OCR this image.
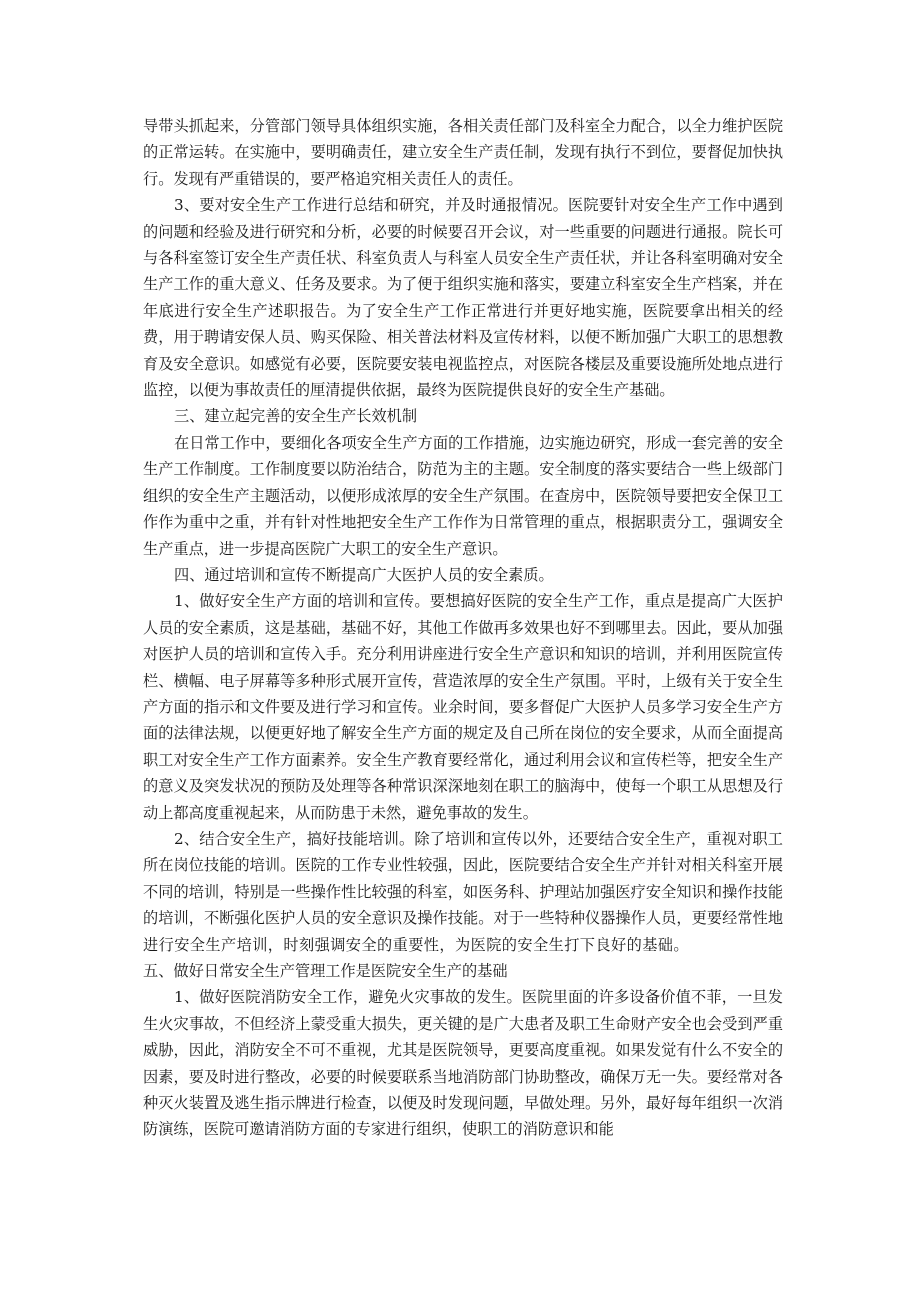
导带头抓起来，分管部门领导具体组织实施，各相关责任部门及科室全力配合，以全力维护医院的正常运转。在实施中，要明确责任，建立安全生产责任制，发现有执行不到位，要督促加快执行。发现有严重错误的，要严格追究相关责任人的责任。

3、要对安全生产工作进行总结和研究，并及时通报情况。医院要针对安全生产工作中遇到的问题和经验及进行研究和分析，必要的时候要召开会议，对一些重要的问题进行通报。院长可与各科室签订安全生产责任状、科室负责人与科室人员安全生产责任状，并让各科室明确对安全生产工作的重大意义、任务及要求。为了便于组织实施和落实，要建立科室安全生产档案，并在年底进行安全生产述职报告。为了安全生产工作正常进行并更好地实施，医院要拿出相关的经费，用于聘请安保人员、购买保险、相关普法材料及宣传材料，以便不断加强广大职工的思想教育及安全意识。如感觉有必要，医院要安装电视监控点，对医院各楼层及重要设施所处地点进行监控，以便为事故责任的厘清提供依据，最终为医院提供良好的安全生产基础。

三、建立起完善的安全生产长效机制

在日常工作中，要细化各项安全生产方面的工作措施，边实施边研究，形成一套完善的安全生产工作制度。工作制度要以防治结合，防范为主的主题。安全制度的落实要结合一些上级部门组织的安全生产主题活动，以便形成浓厚的安全生产氛围。在查房中，医院领导要把安全保卫工作作为重中之重，并有针对性地把安全生产工作作为日常管理的重点，根据职责分工，强调安全生产重点，进一步提高医院广大职工的安全生产意识。

四、通过培训和宣传不断提高广大医护人员的安全素质。

1、做好安全生产方面的培训和宣传。要想搞好医院的安全生产工作，重点是提高广大医护人员的安全素质，这是基础，基础不好，其他工作做再多效果也好不到哪里去。因此，要从加强对医护人员的培训和宣传入手。充分利用讲座进行安全生产意识和知识的培训，并利用医院宣传栏、横幅、电子屏幕等多种形式展开宣传，营造浓厚的安全生产氛围。平时，上级有关于安全生产方面的指示和文件要及进行学习和宣传。业余时间，要多督促广大医护人员多学习安全生产方面的法律法规，以便更好地了解安全生产方面的规定及自己所在岗位的安全要求，从而全面提高职工对安全生产工作方面素养。安全生产教育要经常化，通过利用会议和宣传栏等，把安全生产的意义及突发状况的预防及处理等各种常识深深地刻在职工的脑海中，使每一个职工从思想及行动上都高度重视起来，从而防患于未然，避免事故的发生。

2、结合安全生产，搞好技能培训。除了培训和宣传以外，还要结合安全生产，重视对职工所在岗位技能的培训。医院的工作专业性较强，因此，医院要结合安全生产并针对相关科室开展不同的培训，特别是一些操作性比较强的科室，如医务科、护理站加强医疗安全知识和操作技能的培训，不断强化医护人员的安全意识及操作技能。对于一些特种仪器操作人员，更要经常性地进行安全生产培训，时刻强调安全的重要性，为医院的安全生打下良好的基础。五、做好日常安全生产管理工作是医院安全生产的基础

1、做好医院消防安全工作，避免火灾事故的发生。医院里面的许多设备价值不菲，一旦发生火灾事故，不但经济上蒙受重大损失，更关键的是广大患者及职工生命财产安全也会受到严重威胁，因此，消防安全不可不重视，尤其是医院领导，更要高度重视。如果发觉有什么不安全的因素，要及时进行整改，必要的时候要联系当地消防部门协助整改，确保万无一失。要经常对各种灭火装置及逃生指示牌进行检查，以便及时发现问题，早做处理。另外，最好每年组织一次消防演练，医院可邀请消防方面的专家进行组织，使职工的消防意识和能
